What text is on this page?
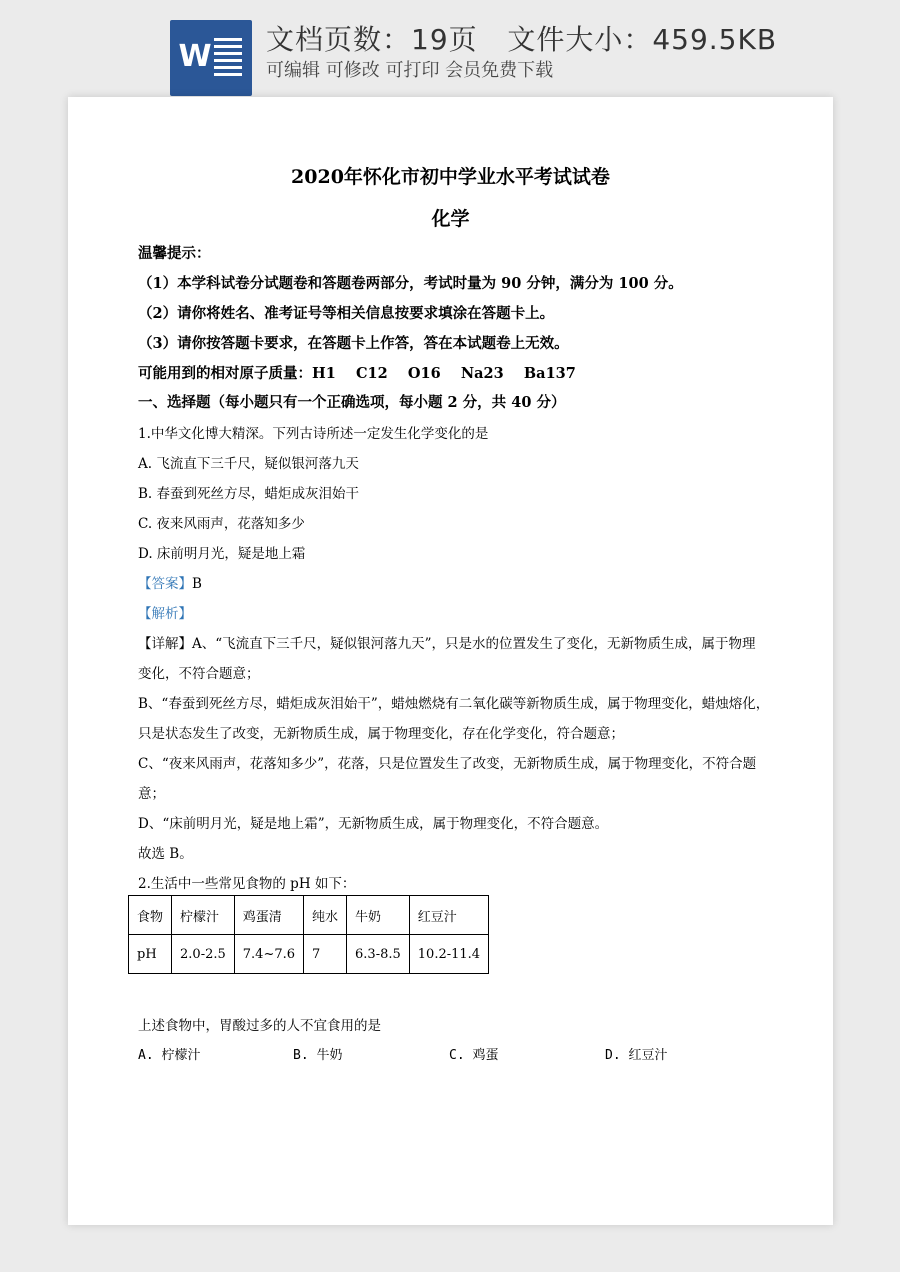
W 文档页数：19页   文件大小：459.5KB
可编辑 可修改 可打印 会员免费下载
2020年怀化市初中学业水平考试试卷
化学
温馨提示：
（1）本学科试卷分试题卷和答题卷两部分，考试时量为 90 分钟，满分为 100 分。
（2）请你将姓名、准考证号等相关信息按要求填涂在答题卡上。
（3）请你按答题卡要求，在答题卡上作答，答在本试题卷上无效。
可能用到的相对原子质量：H1    C12    O16    Na23    Ba137
一、选择题（每小题只有一个正确选项，每小题 2 分，共 40 分）
1.中华文化博大精深。下列古诗所述一定发生化学变化的是
A. 飞流直下三千尺，疑似银河落九天
B. 春蚕到死丝方尽，蜡炬成灰泪始干
C. 夜来风雨声，花落知多少
D. 床前明月光，疑是地上霜
【答案】B
【解析】
【详解】A、“飞流直下三千尺，疑似银河落九天”，只是水的位置发生了变化，无新物质生成，属于物理
变化，不符合题意；
B、“春蚕到死丝方尽，蜡炬成灰泪始干”，蜡烛燃烧有二氧化碳等新物质生成，属于物理变化，蜡烛熔化，
只是状态发生了改变，无新物质生成，属于物理变化，存在化学变化，符合题意；
C、“夜来风雨声，花落知多少”，花落，只是位置发生了改变，无新物质生成，属于物理变化，不符合题
意；
D、“床前明月光，疑是地上霜”，无新物质生成，属于物理变化，不符合题意。
故选 B。
2.生活中一些常见食物的 pH 如下：
食物	柠檬汁	鸡蛋清	纯水	牛奶	红豆汁
pH	2.0-2.5	7.4~7.6	7	6.3-8.5	10.2-11.4
上述食物中，胃酸过多的人不宜食用的是
A. 柠檬汁	B. 牛奶	C. 鸡蛋	D. 红豆汁
